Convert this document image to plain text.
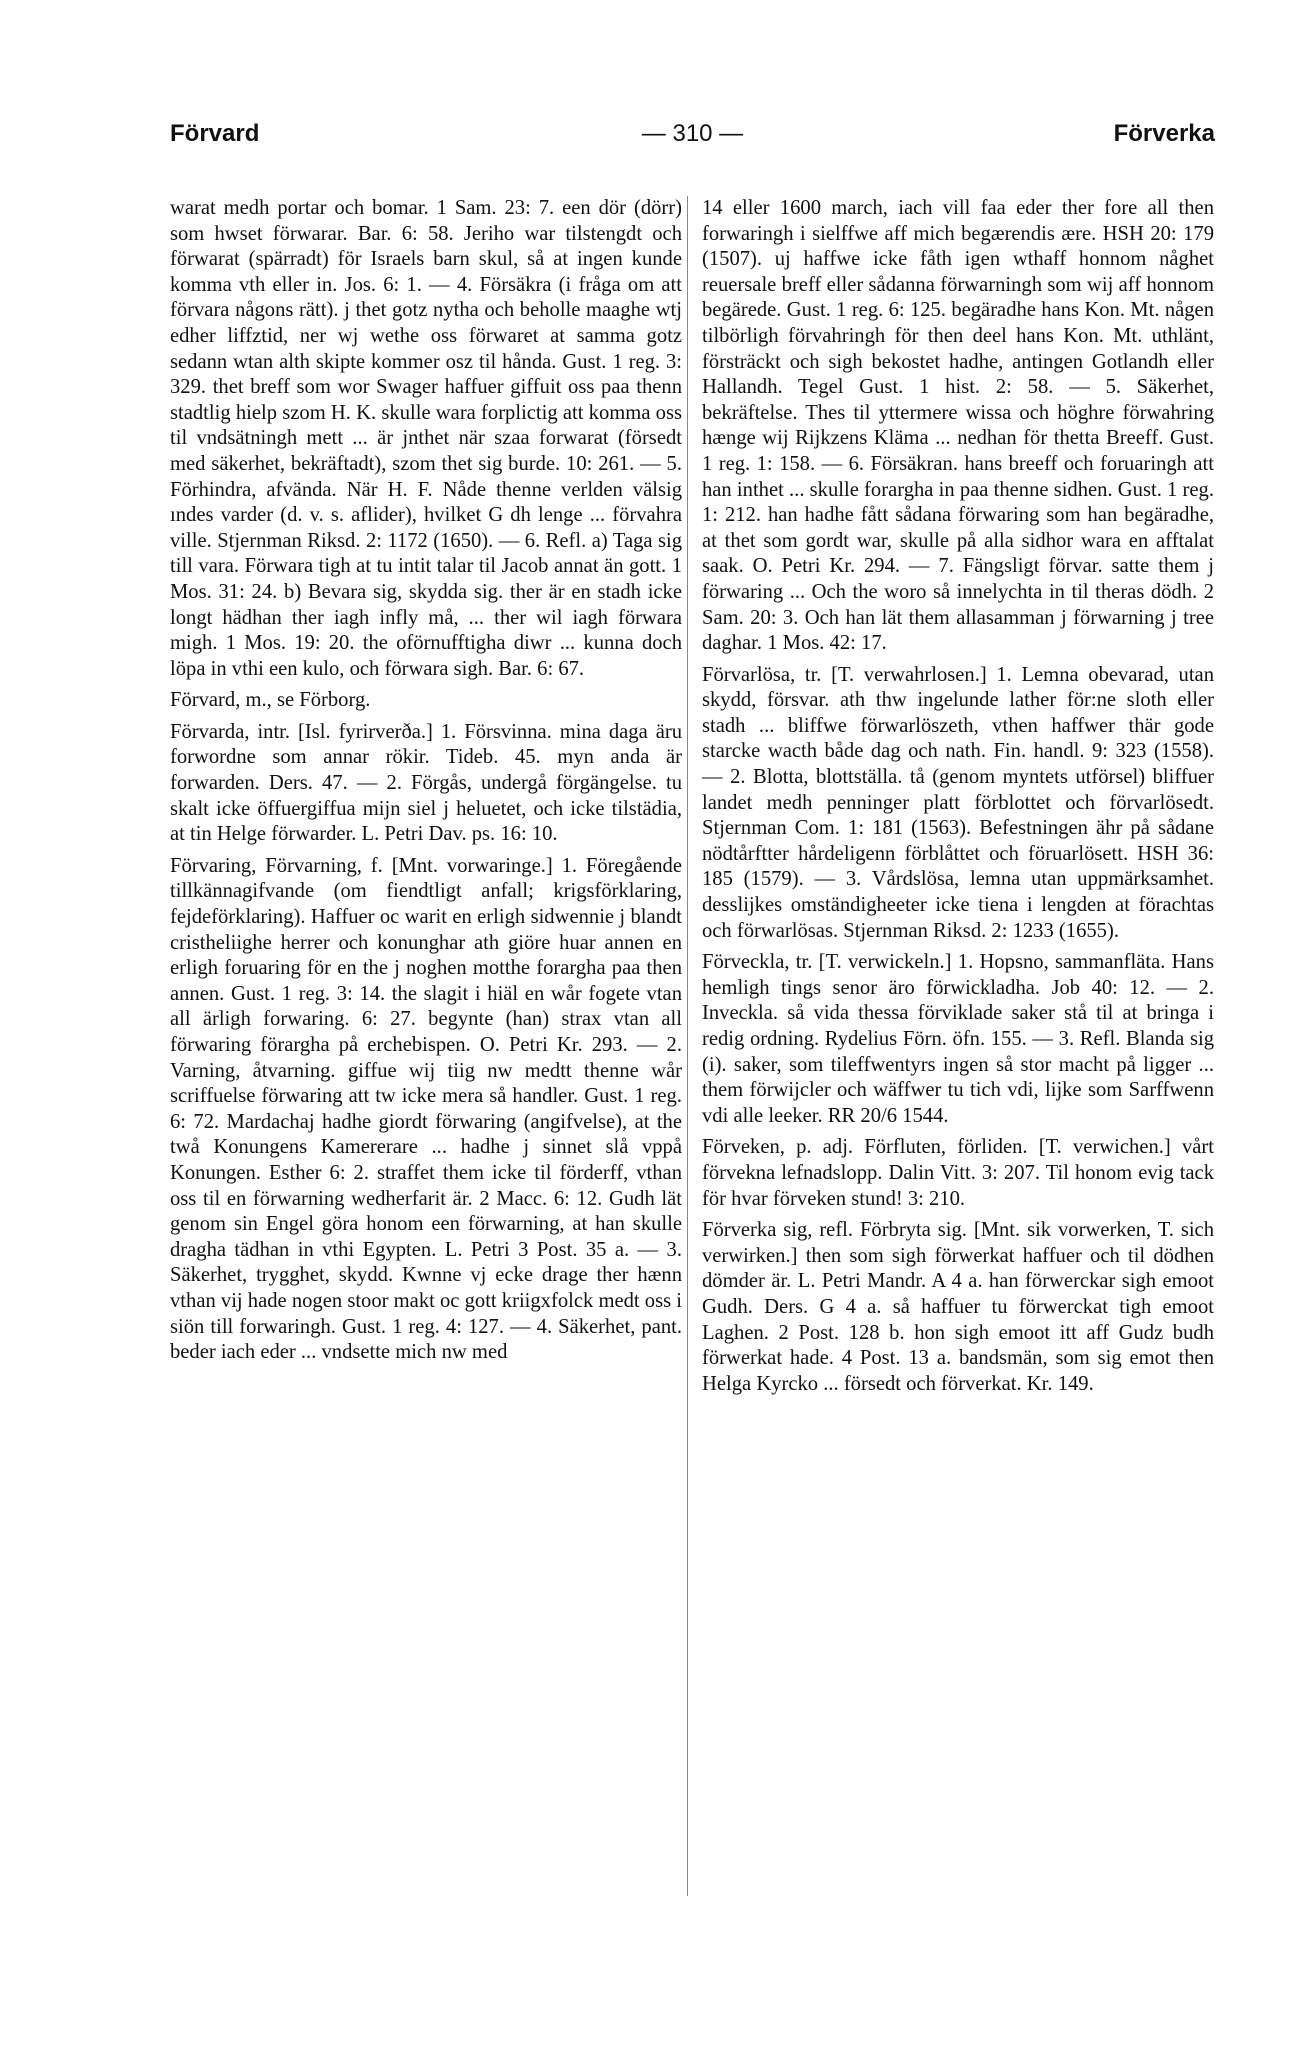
Förvard	— 310 —	Förverka

warat medh portar och bomar. 1 Sam. 23: 7. een dör (dörr) som hwset förwarar. Bar. 6: 58. Jeriho war tilstengdt och förwarat (spärradt) för Israels barn skul, så at ingen kunde komma vth eller in. Jos. 6: 1. — 4. Försäkra (i fråga om att förvara någons rätt). j thet gotz nytha och beholle maaghe wtj edher liffztid, ner wj wethe oss förwaret at samma gotz sedann wtan alth skipte kommer osz til hånda. Gust. 1 reg. 3: 329. thet breff som wor Swager haffuer giffuit oss paa thenn stadtlig hielp szom H. K. skulle wara forplictig att komma oss til vndsätningh mett ... är jnthet när szaa forwarat (försedt med säkerhet, bekräftadt), szom thet sig burde. 10: 261. — 5. Förhindra, afvända. När H. F. Nåde thenne verlden välsig ındes varder (d. v. s. aflider), hvilket G dh lenge ... förvahra ville. Stjernman Riksd. 2: 1172 (1650). — 6. Refl. a) Taga sig till vara. Förwara tigh at tu intit talar til Jacob annat än gott. 1 Mos. 31: 24. b) Bevara sig, skydda sig. ther är en stadh icke longt hädhan ther iagh infly må, ... ther wil iagh förwara migh. 1 Mos. 19: 20. the oförnufftigha diwr ... kunna doch löpa in vthi een kulo, och förwara sigh. Bar. 6: 67.

Förvard, m., se Förborg.

Förvarda, intr. [Isl. fyrirverða.] 1. Försvinna. mina daga äru forwordne som annar rökir. Tideb. 45. myn anda är forwarden. Ders. 47. — 2. Förgås, undergå förgängelse. tu skalt icke öffuergiffua mijn siel j heluetet, och icke tilstädia, at tin Helge förwarder. L. Petri Dav. ps. 16: 10.

Förvaring, Förvarning, f. [Mnt. vorwaringe.] 1. Föregående tillkännagifvande (om fiendtligt anfall; krigsförklaring, fejdeförklaring). Haffuer oc warit en erligh sidwennie j blandt cristheliighe herrer och konunghar ath giöre huar annen en erligh foruaring för en the j noghen motthe forargha paa then annen. Gust. 1 reg. 3: 14. the slagit i hiäl en wår fogete vtan all ärligh forwaring. 6: 27. begynte (han) strax vtan all förwaring förargha på erchebispen. O. Petri Kr. 293. — 2. Varning, åtvarning. giffue wij tiig nw medtt thenne wår scriffuelse förwaring att tw icke mera så handler. Gust. 1 reg. 6: 72. Mardachaj hadhe giordt förwaring (angifvelse), at the twå Konungens Kamererare ... hadhe j sinnet slå vppå Konungen. Esther 6: 2. straffet them icke til förderff, vthan oss til en förwarning wedherfarit är. 2 Macc. 6: 12. Gudh lät genom sin Engel göra honom een förwarning, at han skulle dragha tädhan in vthi Egypten. L. Petri 3 Post. 35 a. — 3. Säkerhet, trygghet, skydd. Kwnne vj ecke drage ther hænn vthan vij hade nogen stoor makt oc gott kriigxfolck medt oss i siön till forwaringh. Gust. 1 reg. 4: 127. — 4. Säkerhet, pant. beder iach eder ... vndsette mich nw med

14 eller 1600 march, iach vill faa eder ther fore all then forwaringh i sielffwe aff mich begærendis ære. HSH 20: 179 (1507). uj haffwe icke fåth igen wthaff honnom någhet reuersale breff eller sådanna förwarningh som wij aff honnom begärede. Gust. 1 reg. 6: 125. begäradhe hans Kon. Mt. någen tilbörligh förvahringh för then deel hans Kon. Mt. uthlänt, försträckt och sigh bekostet hadhe, antingen Gotlandh eller Hallandh. Tegel Gust. 1 hist. 2: 58. — 5. Säkerhet, bekräftelse. Thes til yttermere wissa och höghre förwahring hænge wij Rijkzens Kläma ... nedhan för thetta Breeff. Gust. 1 reg. 1: 158. — 6. Försäkran. hans breeff och foruaringh att han inthet ... skulle forargha in paa thenne sidhen. Gust. 1 reg. 1: 212. han hadhe fått sådana förwaring som han begäradhe, at thet som gordt war, skulle på alla sidhor wara en afftalat saak. O. Petri Kr. 294. — 7. Fängsligt förvar. satte them j förwaring ... Och the woro så innelychta in til theras dödh. 2 Sam. 20: 3. Och han lät them allasamman j förwarning j tree daghar. 1 Mos. 42: 17.

Förvarlösa, tr. [T. verwahrlosen.] 1. Lemna obevarad, utan skydd, försvar. ath thw ingelunde lather för:ne sloth eller stadh ... bliffwe förwarlöszeth, vthen haffwer thär gode starcke wacth både dag och nath. Fin. handl. 9: 323 (1558). — 2. Blotta, blottställa. tå (genom myntets utförsel) bliffuer landet medh penninger platt förblottet och förvarlösedt. Stjernman Com. 1: 181 (1563). Befestningen ähr på sådane nödtårftter hårdeligenn förblåttet och föruarlösett. HSH 36: 185 (1579). — 3. Vårdslösa, lemna utan uppmärksamhet. desslijkes omständigheeter icke tiena i lengden at förachtas och förwarlösas. Stjernman Riksd. 2: 1233 (1655).

Förveckla, tr. [T. verwickeln.] 1. Hopsno, sammanfläta. Hans hemligh tings senor äro förwickladha. Job 40: 12. — 2. Inveckla. så vida thessa förviklade saker stå til at bringa i redig ordning. Rydelius Förn. öfn. 155. — 3. Refl. Blanda sig (i). saker, som tileffwentyrs ingen så stor macht på ligger ... them förwijcler och wäffwer tu tich vdi, lijke som Sarffwenn vdi alle leeker. RR 20/6 1544.

Förveken, p. adj. Förfluten, förliden. [T. verwichen.] vårt förvekna lefnadslopp. Dalin Vitt. 3: 207. Til honom evig tack för hvar förveken stund! 3: 210.

Förverka sig, refl. Förbryta sig. [Mnt. sik vorwerken, T. sich verwirken.] then som sigh förwerkat haffuer och til dödhen dömder är. L. Petri Mandr. A 4 a. han förwerckar sigh emoot Gudh. Ders. G 4 a. så haffuer tu förwerckat tigh emoot Laghen. 2 Post. 128 b. hon sigh emoot itt aff Gudz budh förwerkat hade. 4 Post. 13 a. bandsmän, som sig emot then Helga Kyrcko ... försedt och förverkat. Kr. 149.
